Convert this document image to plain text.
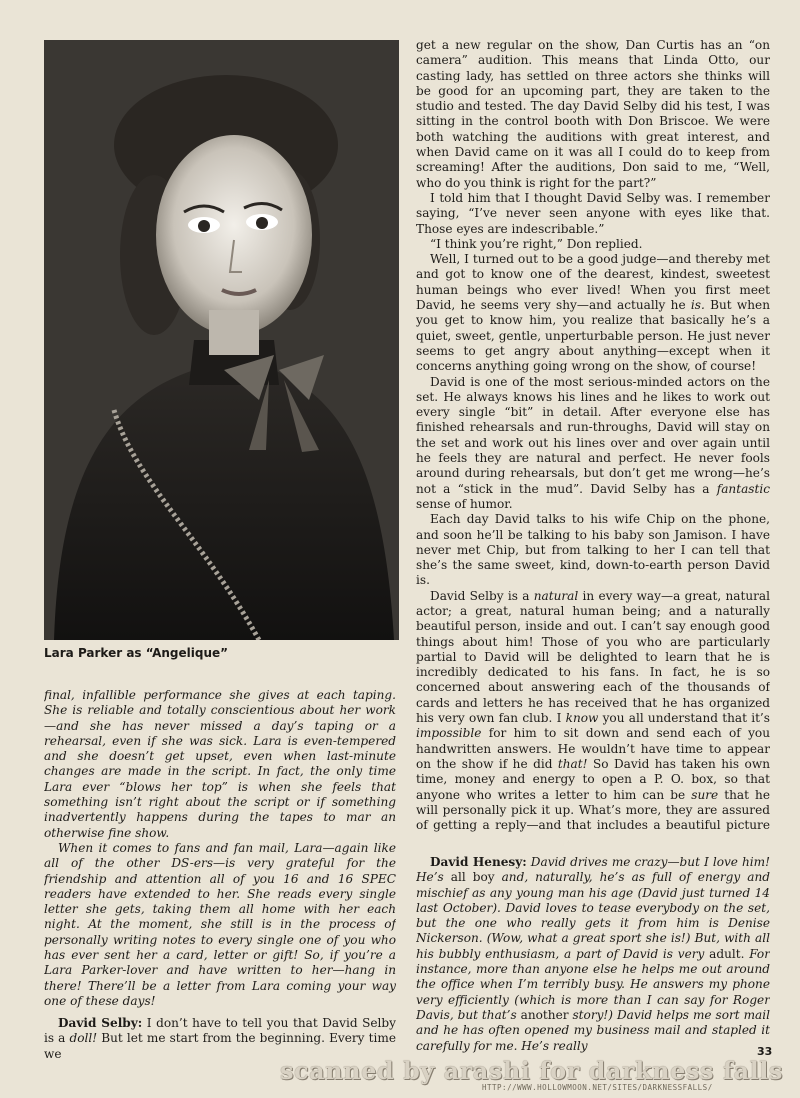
Lara Parker as “Angelique”

final, infallible performance she gives at each taping. She is reliable and totally conscientious about her work—and she has never missed a day’s taping or a rehearsal, even if she was sick. Lara is even-tempered and she doesn’t get upset, even when last-minute changes are made in the script. In fact, the only time Lara ever “blows her top” is when she feels that something isn’t right about the script or if something inadvertently happens during the tapes to mar an otherwise fine show.

When it comes to fans and fan mail, Lara—again like all of the other DS-ers—is very grateful for the friendship and attention all of you 16 and 16 SPEC readers have extended to her. She reads every single letter she gets, taking them all home with her each night. At the moment, she still is in the process of personally writing notes to every single one of you who has ever sent her a card, letter or gift! So, if you’re a Lara Parker-lover and have written to her—hang in there! There’ll be a letter from Lara coming your way one of these days!

David Selby: I don’t have to tell you that David Selby is a doll! But let me start from the beginning. Every time we

get a new regular on the show, Dan Curtis has an “on camera” audition. This means that Linda Otto, our casting lady, has settled on three actors she thinks will be good for an upcoming part, they are taken to the studio and tested. The day David Selby did his test, I was sitting in the control booth with Don Briscoe. We were both watching the auditions with great interest, and when David came on it was all I could do to keep from screaming! After the auditions, Don said to me, “Well, who do you think is right for the part?”

I told him that I thought David Selby was. I remember saying, “I’ve never seen anyone with eyes like that. Those eyes are indescribable.”

“I think you’re right,” Don replied.

Well, I turned out to be a good judge—and thereby met and got to know one of the dearest, kindest, sweetest human beings who ever lived! When you first meet David, he seems very shy—and actually he is. But when you get to know him, you realize that basically he’s a quiet, sweet, gentle, unperturbable person. He just never seems to get angry about anything—except when it concerns anything going wrong on the show, of course!

David is one of the most serious-minded actors on the set. He always knows his lines and he likes to work out every single “bit” in detail. After everyone else has finished rehearsals and run-throughs, David will stay on the set and work out his lines over and over again until he feels they are natural and perfect. He never fools around during rehearsals, but don’t get me wrong—he’s not a “stick in the mud”. David Selby has a fantastic sense of humor.

Each day David talks to his wife Chip on the phone, and soon he’ll be talking to his baby son Jamison. I have never met Chip, but from talking to her I can tell that she’s the same sweet, kind, down-to-earth person David is.

David Selby is a natural in every way—a great, natural actor; a great, natural human being; and a naturally beautiful person, inside and out. I can’t say enough good things about him! Those of you who are particularly partial to David will be delighted to learn that he is incredibly dedicated to his fans. In fact, he is so concerned about answering each of the thousands of cards and letters he has received that he has organized his very own fan club. I know you all understand that it’s impossible for him to sit down and send each of you handwritten answers. He wouldn’t have time to appear on the show if he did that! So David has taken his own time, money and energy to open a P. O. box, so that anyone who writes a letter to him can be sure that he will personally pick it up. What’s more, they are assured of getting a reply—and that includes a beautiful picture

David Henesy: David drives me crazy—but I love him! He’s all boy and, naturally, he’s as full of energy and mischief as any young man his age (David just turned 14 last October). David loves to tease everybody on the set, but the one who really gets it from him is Denise Nickerson. (Wow, what a great sport she is!) But, with all his bubbly enthusiasm, a part of David is very adult. For instance, more than anyone else he helps me out around the office when I’m terribly busy. He answers my phone very efficiently (which is more than I can say for Roger Davis, but that’s another story!) David helps me sort mail and he has often opened my business mail and stapled it carefully for me. He’s really	33
scanned by arashi for darkness falls
HTTP://WWW.HOLLOWMOON.NET/SITES/DARKNESSFALLS/
